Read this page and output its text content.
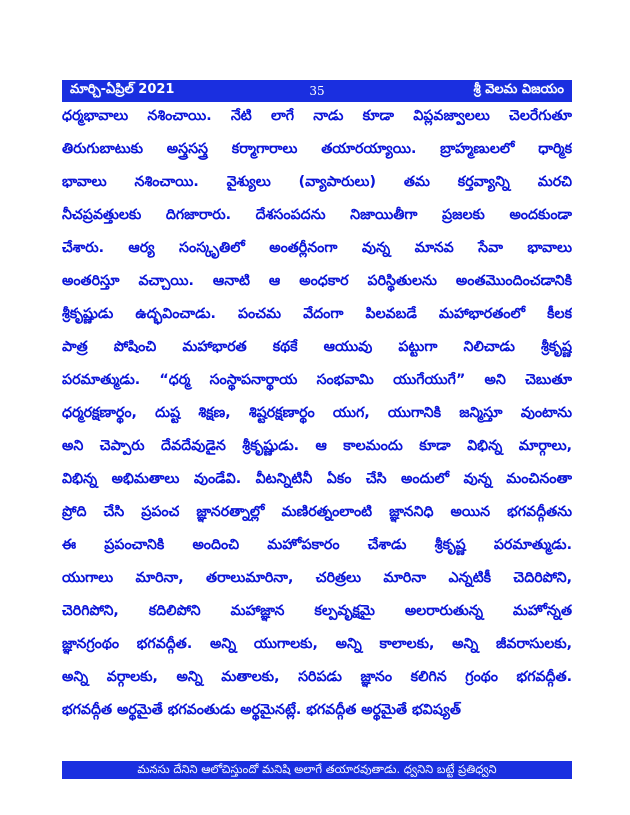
మార్చి-ఏప్రిల్ 2021	35	శ్రీ వెలమ విజయం
ధర్మభావాలు నశించాయి. నేటి లాగే నాడు కూడా విప్లవజ్వాలలు చెలరేగుతూ
తిరుగుబాటుకు అస్త్రసస్త్ర కర్మాగారాలు తయారయ్యాయి. బ్రాహ్మణులలో ధార్మిక
భావాలు నశించాయి. వైశ్యులు (వ్యాపారులు) తమ కర్తవ్యాన్ని మరచి
నీచప్రవత్తులకు దిగజారారు. దేశసంపదను నిజాయితీగా ప్రజలకు అందకుండా
చేశారు. ఆర్య సంస్కృతిలో అంతర్లీనంగా వున్న మానవ సేవా భావాలు
అంతరిస్తూ వచ్చాయి. ఆనాటి ఆ అంధకార పరిస్థితులను అంతమొందించడానికి
శ్రీకృష్ణుడు ఉద్భవించాడు. పంచమ వేదంగా పిలవబడే మహాభారతంలో కీలక
పాత్ర పోషించి మహాభారత కథకే ఆయువు పట్టుగా నిలిచాడు శ్రీకృష్ణ
పరమాత్ముడు. “ధర్మ సంస్థాపనార్థాయ సంభవామి యుగేయుగే” అని చెబుతూ
ధర్మరక్షణార్థం, దుష్ట శిక్షణ, శిష్టరక్షణార్థం యుగ, యుగానికి జన్మిస్తూ వుంటాను
అని చెప్పారు దేవదేవుడైన శ్రీకృష్ణుడు. ఆ కాలమందు కూడా విభిన్న మార్గాలు,
విభిన్న అభిమతాలు వుండేవి. వీటన్నిటినీ ఏకం చేసి అందులో వున్న మంచినంతా
ప్రోది చేసి ప్రపంచ జ్ఞానరత్నాల్లో మణిరత్నంలాంటి జ్ఞాననిధి అయిన భగవద్గీతను
ఈ ప్రపంచానికి అందించి మహోపకారం చేశాడు శ్రీకృష్ణ పరమాత్ముడు.
యుగాలు మారినా, తరాలుమారినా, చరిత్రలు మారినా ఎన్నటికీ చెదిరిపోని,
చెరిగిపోని, కదిలిపోని మహాజ్ఞాన కల్పవృక్షమై అలరారుతున్న మహోన్నత
జ్ఞానగ్రంథం భగవద్గీత. అన్ని యుగాలకు, అన్ని కాలాలకు, అన్ని జీవరాసులకు,
అన్ని వర్గాలకు, అన్ని మతాలకు, సరిపడు జ్ఞానం కలిగిన గ్రంథం భగవద్గీత.
భగవద్గీత అర్థమైతే భగవంతుడు అర్థమైనట్లే. భగవద్గీత అర్థమైతే భవిష్యత్
మనసు దేనిని ఆలోచిస్తుందో మనిషి అలాగే తయారవుతాడు. ధ్వనిని బట్టే ప్రతిధ్వని
